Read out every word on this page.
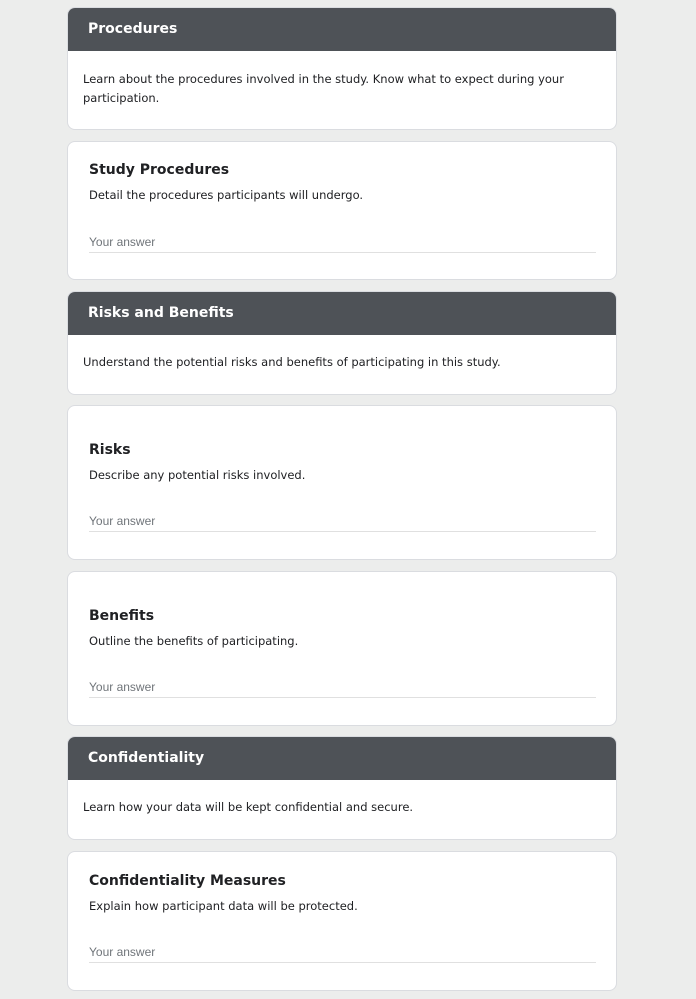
Procedures
Learn about the procedures involved in the study. Know what to expect during your participation.
Study Procedures
Detail the procedures participants will undergo.
Your answer
Risks and Benefits
Understand the potential risks and benefits of participating in this study.
Risks
Describe any potential risks involved.
Your answer
Benefits
Outline the benefits of participating.
Your answer
Confidentiality
Learn how your data will be kept confidential and secure.
Confidentiality Measures
Explain how participant data will be protected.
Your answer
